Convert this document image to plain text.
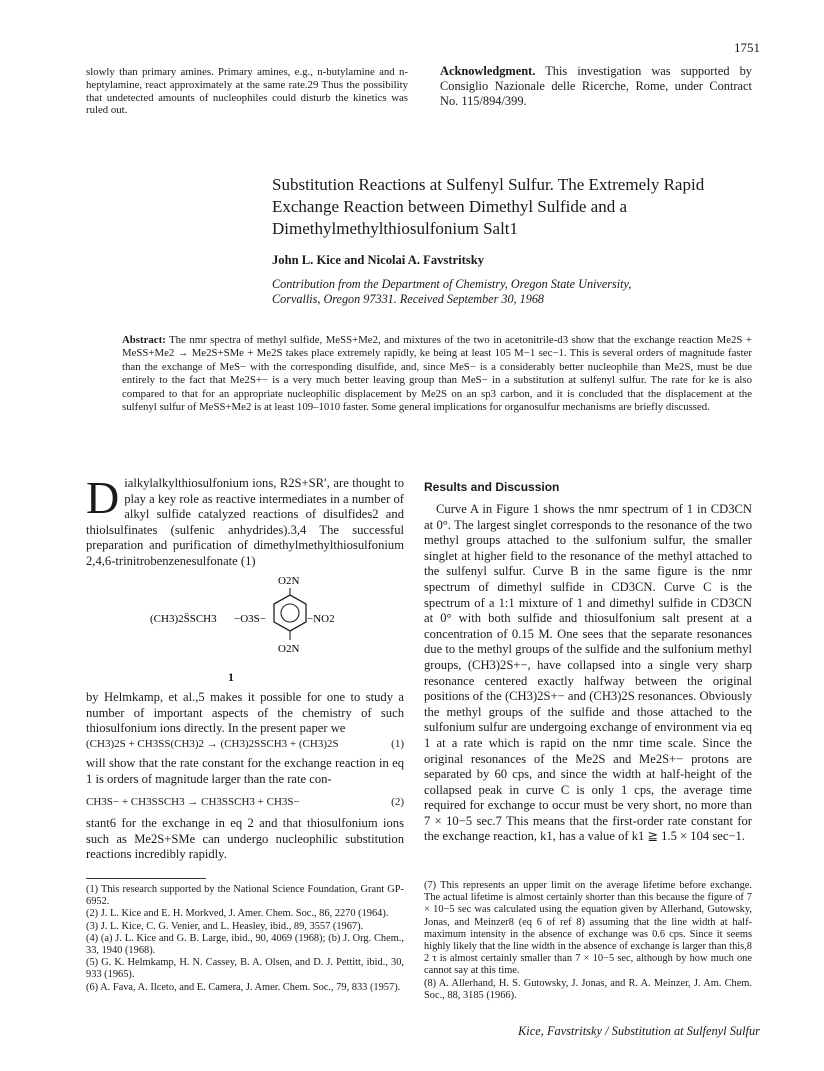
1751
slowly than primary amines. Primary amines, e.g., n-butylamine and n-heptylamine, react approximately at the same rate.29 Thus the possibility that undetected amounts of nucleophiles could disturb the kinetics was ruled out.
Acknowledgment. This investigation was supported by Consiglio Nazionale delle Ricerche, Rome, under Contract No. 115/894/399.
Substitution Reactions at Sulfenyl Sulfur. The Extremely Rapid Exchange Reaction between Dimethyl Sulfide and a Dimethylmethylthiosulfonium Salt1
John L. Kice and Nicolai A. Favstritsky
Contribution from the Department of Chemistry, Oregon State University,
Corvallis, Oregon 97331. Received September 30, 1968
Abstract: The nmr spectra of methyl sulfide, MeSS+Me2, and mixtures of the two in acetonitrile-d3 show that the exchange reaction Me2S + MeSS+Me2 → Me2S+SMe + Me2S takes place extremely rapidly, ke being at least 105 M−1 sec−1. This is several orders of magnitude faster than the exchange of MeS− with the corresponding disulfide, and, since MeS− is a considerably better nucleophile than Me2S, must be due entirely to the fact that Me2S+− is a very much better leaving group than MeS− in a substitution at sulfenyl sulfur. The rate for ke is also compared to that for an appropriate nucleophilic displacement by Me2S on an sp3 carbon, and it is concluded that the displacement at the sulfenyl sulfur of MeSS+Me2 is at least 109–1010 faster. Some general implications for organosulfur mechanisms are briefly discussed.
D ialkylalkylthiosulfonium ions, R2S+SR′, are thought to play a key role as reactive intermediates in a number of alkyl sulfide catalyzed reactions of disulfides2 and thiolsulfinates (sulfenic anhydrides).3,4 The successful preparation and purification of dimethylmethylthiosulfonium 2,4,6-trinitrobenzenesulfonate (1)
(CH3)2S̈SCH3 −O3S−
O2N
−NO2
O2N
1
by Helmkamp, et al.,5 makes it possible for one to study a number of important aspects of the chemistry of such thiosulfonium ions directly. In the present paper we
(CH3)2S + CH3SS(CH3)2 → (CH3)2SSCH3 + (CH3)2S	(1)
will show that the rate constant for the exchange reaction in eq 1 is orders of magnitude larger than the rate con-
CH3S− + CH3SSCH3 → CH3SSCH3 + CH3S−	(2)
stant6 for the exchange in eq 2 and that thiosulfonium ions such as Me2S+SMe can undergo nucleophilic substitution reactions incredibly rapidly.
(1) This research supported by the National Science Foundation, Grant GP-6952.
(2) J. L. Kice and E. H. Morkved, J. Amer. Chem. Soc., 86, 2270 (1964).
(3) J. L. Kice, C. G. Venier, and L. Heasley, ibid., 89, 3557 (1967).
(4) (a) J. L. Kice and G. B. Large, ibid., 90, 4069 (1968); (b) J. Org. Chem., 33, 1940 (1968).
(5) G. K. Helmkamp, H. N. Cassey, B. A. Olsen, and D. J. Pettitt, ibid., 30, 933 (1965).
(6) A. Fava, A. Ilceto, and E. Camera, J. Amer. Chem. Soc., 79, 833 (1957).
Results and Discussion
Curve A in Figure 1 shows the nmr spectrum of 1 in CD3CN at 0°. The largest singlet corresponds to the resonance of the two methyl groups attached to the sulfonium sulfur, the smaller singlet at higher field to the resonance of the methyl attached to the sulfenyl sulfur. Curve B in the same figure is the nmr spectrum of dimethyl sulfide in CD3CN. Curve C is the spectrum of a 1:1 mixture of 1 and dimethyl sulfide in CD3CN at 0° with both sulfide and thiosulfonium salt present at a concentration of 0.15 M. One sees that the separate resonances due to the methyl groups of the sulfide and the sulfonium methyl groups, (CH3)2S+−, have collapsed into a single very sharp resonance centered exactly halfway between the original positions of the (CH3)2S+− and (CH3)2S resonances. Obviously the methyl groups of the sulfide and those attached to the sulfonium sulfur are undergoing exchange of environment via eq 1 at a rate which is rapid on the nmr time scale. Since the original resonances of the Me2S and Me2S+− protons are separated by 60 cps, and since the width at half-height of the collapsed peak in curve C is only 1 cps, the average time required for exchange to occur must be very short, no more than 7 × 10−5 sec.7 This means that the first-order rate constant for the exchange reaction, k1, has a value of k1 ≧ 1.5 × 104 sec−1.
(7) This represents an upper limit on the average lifetime before exchange. The actual lifetime is almost certainly shorter than this because the figure of 7 × 10−5 sec was calculated using the equation given by Allerhand, Gutowsky, Jonas, and Meinzer8 (eq 6 of ref 8) assuming that the line width at half-maximum intensity in the absence of exchange was 0.6 cps. Since it seems highly likely that the line width in the absence of exchange is larger than this,8 2 τ is almost certainly smaller than 7 × 10−5 sec, although by how much one cannot say at this time.
(8) A. Allerhand, H. S. Gutowsky, J. Jonas, and R. A. Meinzer, J. Am. Chem. Soc., 88, 3185 (1966).
Kice, Favstritsky / Substitution at Sulfenyl Sulfur
